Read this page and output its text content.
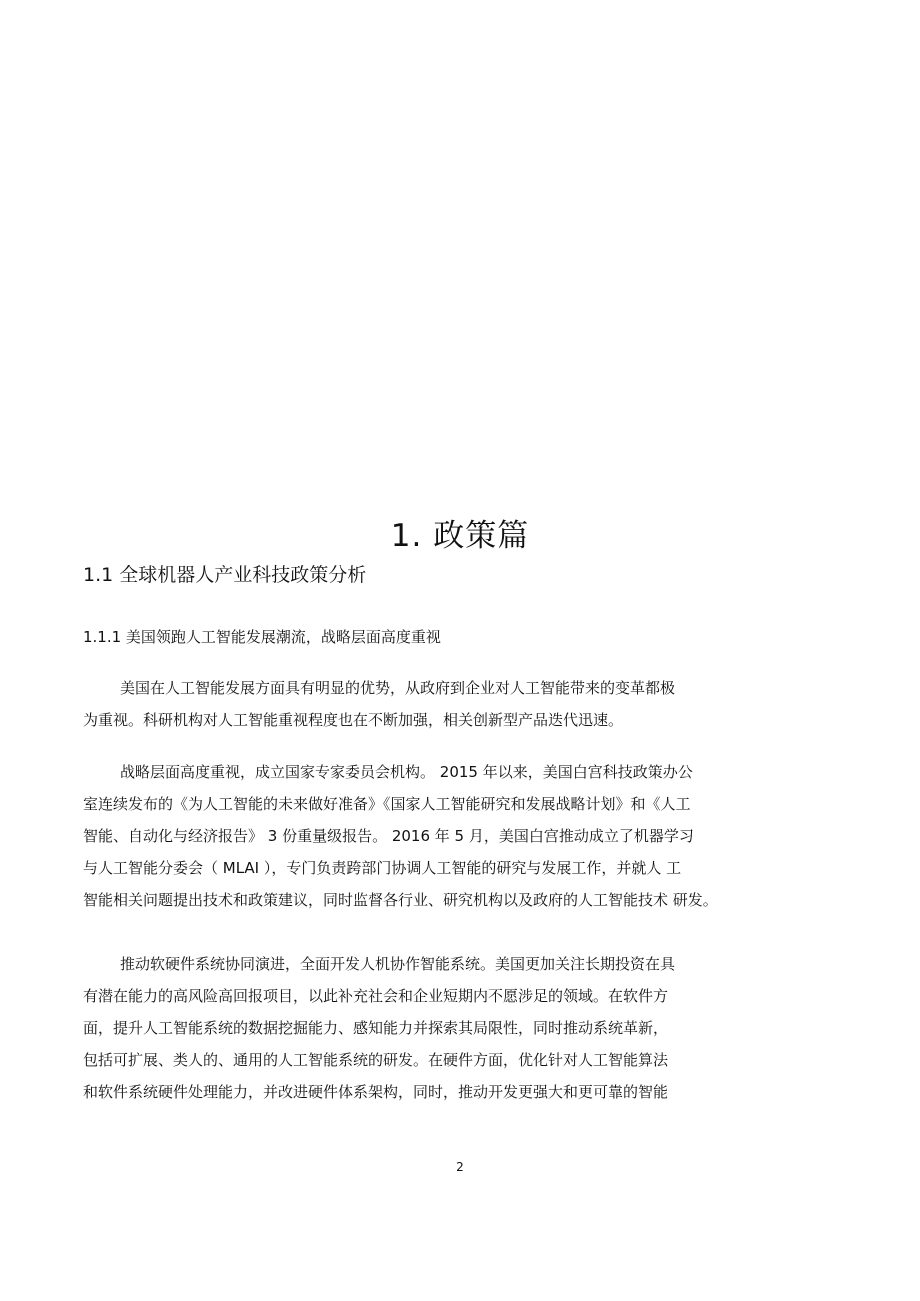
1. 政策篇
1.1 全球机器人产业科技政策分析
1.1.1 美国领跑人工智能发展潮流，战略层面高度重视
美国在人工智能发展方面具有明显的优势，从政府到企业对人工智能带来的变革都极
为重视。科研机构对人工智能重视程度也在不断加强，相关创新型产品迭代迅速。
战略层面高度重视，成立国家专家委员会机构。 2015 年以来，美国白宫科技政策办公
室连续发布的《为人工智能的未来做好准备》《国家人工智能研究和发展战略计划》和《人工
智能、自动化与经济报告》 3 份重量级报告。 2016 年 5 月，美国白宫推动成立了机器学习
与人工智能分委会（ MLAI ），专门负责跨部门协调人工智能的研究与发展工作，并就人 工
智能相关问题提出技术和政策建议，同时监督各行业、研究机构以及政府的人工智能技术 研发。
推动软硬件系统协同演进，全面开发人机协作智能系统。美国更加关注长期投资在具
有潜在能力的高风险高回报项目，以此补充社会和企业短期内不愿涉足的领域。在软件方
面，提升人工智能系统的数据挖掘能力、感知能力并探索其局限性，同时推动系统革新，
包括可扩展、类人的、通用的人工智能系统的研发。在硬件方面，优化针对人工智能算法
和软件系统硬件处理能力，并改进硬件体系架构，同时，推动开发更强大和更可靠的智能
2
